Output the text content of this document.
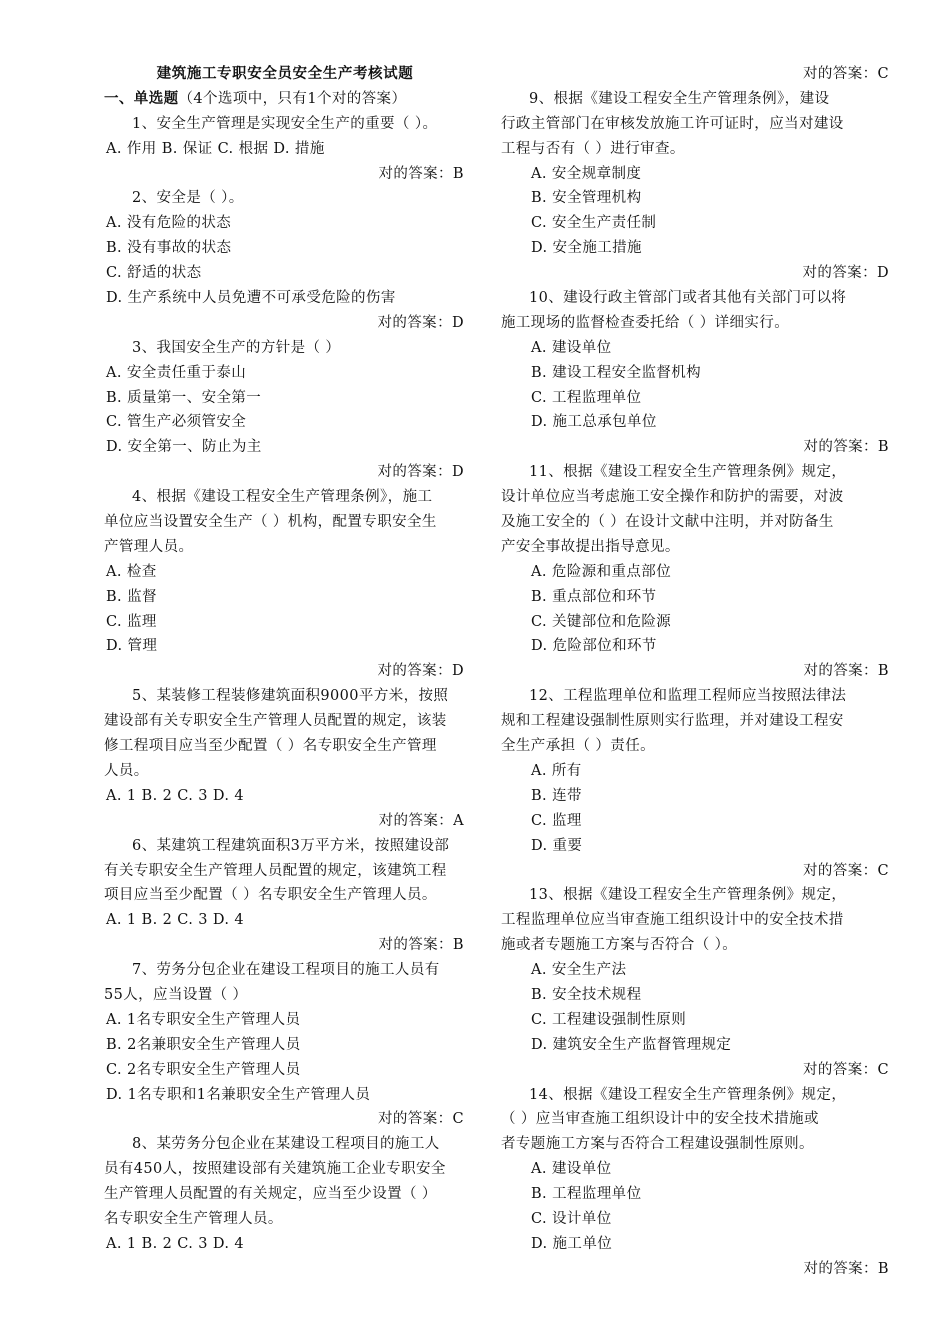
建筑施工专职安全员安全生产考核试题
一、单选题（4个选项中，只有1个对的答案）
1、安全生产管理是实现安全生产的重要（ ）。
A. 作用 B. 保证 C. 根据 D. 措施
对的答案：B
2、安全是（ ）。
A. 没有危险的状态
B. 没有事故的状态
C. 舒适的状态
D. 生产系统中人员免遭不可承受危险的伤害
对的答案：D
3、我国安全生产的方针是（ ）
A. 安全责任重于泰山
B. 质量第一、安全第一
C. 管生产必须管安全
D. 安全第一、防止为主
对的答案：D
4、根据《建设工程安全生产管理条例》，施工
单位应当设置安全生产（ ）机构，配置专职安全生
产管理人员。
A. 检查
B. 监督
C. 监理
D. 管理
对的答案：D
5、某装修工程装修建筑面积9000平方米，按照
建设部有关专职安全生产管理人员配置的规定，该装
修工程项目应当至少配置（ ）名专职安全生产管理
人员。
A. 1 B. 2 C. 3 D. 4
对的答案：A
6、某建筑工程建筑面积3万平方米，按照建设部
有关专职安全生产管理人员配置的规定，该建筑工程
项目应当至少配置（ ）名专职安全生产管理人员。
A. 1 B. 2 C. 3 D. 4
对的答案：B
7、劳务分包企业在建设工程项目的施工人员有
55人，应当设置（ ）
A. 1名专职安全生产管理人员
B. 2名兼职安全生产管理人员
C. 2名专职安全生产管理人员
D. 1名专职和1名兼职安全生产管理人员
对的答案：C
8、某劳务分包企业在某建设工程项目的施工人
员有450人，按照建设部有关建筑施工企业专职安全
生产管理人员配置的有关规定，应当至少设置（ ）
名专职安全生产管理人员。
A. 1 B. 2 C. 3 D. 4
对的答案：C
9、根据《建设工程安全生产管理条例》，建设
行政主管部门在审核发放施工许可证时，应当对建设
工程与否有（ ）进行审查。
A. 安全规章制度
B. 安全管理机构
C. 安全生产责任制
D. 安全施工措施
对的答案：D
10、建设行政主管部门或者其他有关部门可以将
施工现场的监督检查委托给（ ）详细实行。
A. 建设单位
B. 建设工程安全监督机构
C. 工程监理单位
D. 施工总承包单位
对的答案：B
11、根据《建设工程安全生产管理条例》规定，
设计单位应当考虑施工安全操作和防护的需要，对波
及施工安全的（ ）在设计文献中注明，并对防备生
产安全事故提出指导意见。
A. 危险源和重点部位
B. 重点部位和环节
C. 关键部位和危险源
D. 危险部位和环节
对的答案：B
12、工程监理单位和监理工程师应当按照法律法
规和工程建设强制性原则实行监理，并对建设工程安
全生产承担（ ）责任。
A. 所有
B. 连带
C. 监理
D. 重要
对的答案：C
13、根据《建设工程安全生产管理条例》规定，
工程监理单位应当审查施工组织设计中的安全技术措
施或者专题施工方案与否符合（ ）。
A. 安全生产法
B. 安全技术规程
C. 工程建设强制性原则
D. 建筑安全生产监督管理规定
对的答案：C
14、根据《建设工程安全生产管理条例》规定，
（ ）应当审查施工组织设计中的安全技术措施或
者专题施工方案与否符合工程建设强制性原则。
A. 建设单位
B. 工程监理单位
C. 设计单位
D. 施工单位
对的答案：B
